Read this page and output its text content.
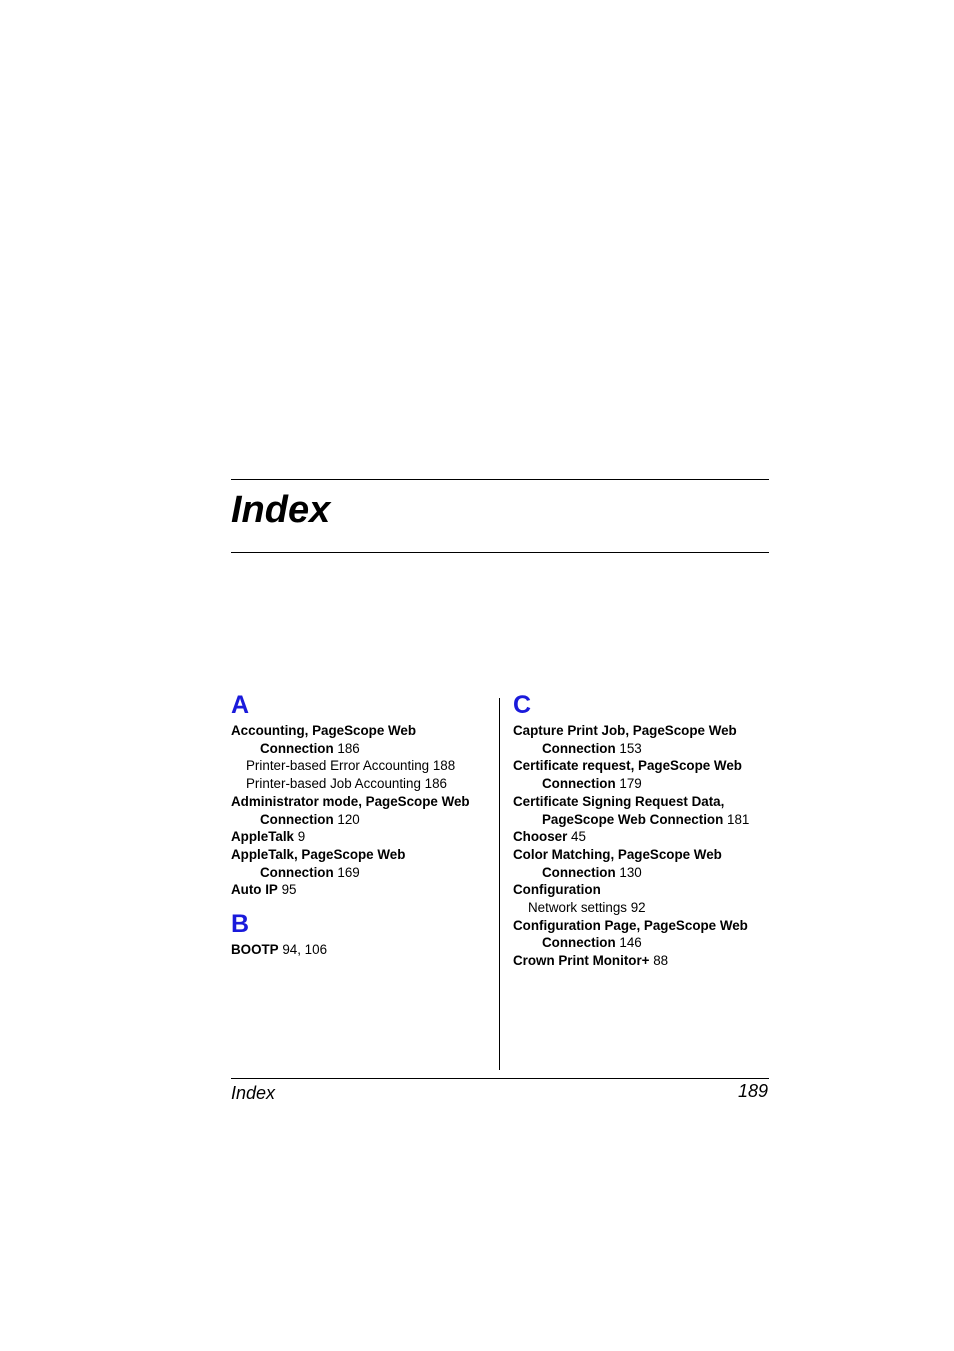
Index
A
Accounting, PageScope Web
Connection 186
Printer-based Error Accounting 188
Printer-based Job Accounting 186
Administrator mode, PageScope Web
Connection 120
AppleTalk 9
AppleTalk, PageScope Web
Connection 169
Auto IP 95
B
BOOTP 94, 106
C
Capture Print Job, PageScope Web
Connection 153
Certificate request, PageScope Web
Connection 179
Certificate Signing Request Data,
PageScope Web Connection 181
Chooser 45
Color Matching, PageScope Web
Connection 130
Configuration
Network settings 92
Configuration Page, PageScope Web
Connection 146
Crown Print Monitor+ 88
Index	189
